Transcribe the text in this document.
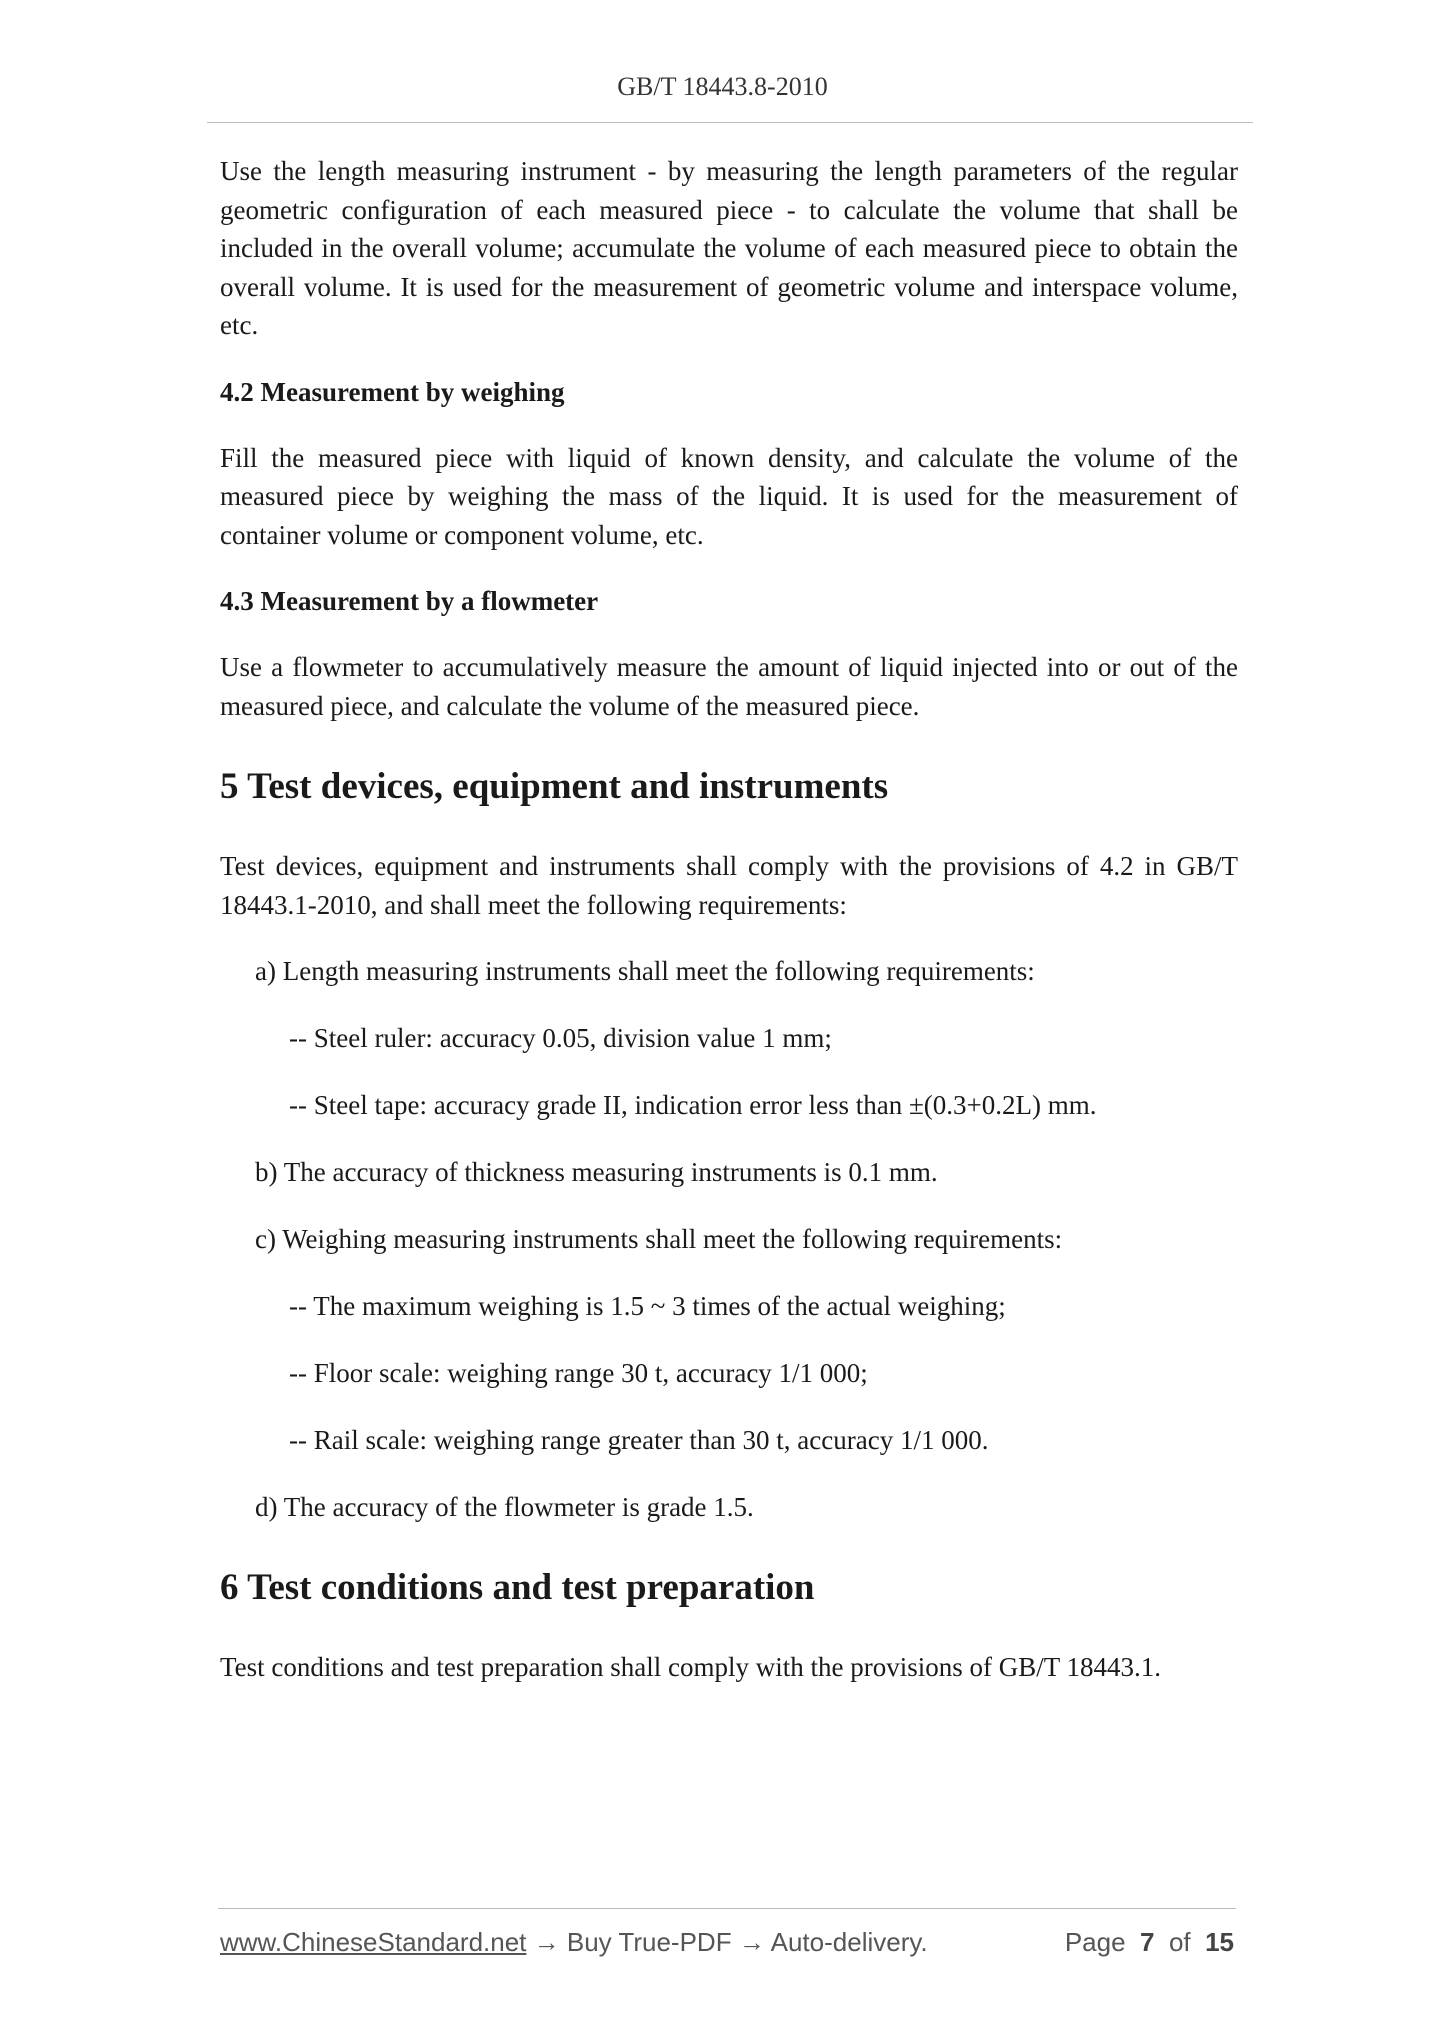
GB/T 18443.8-2010

Use the length measuring instrument - by measuring the length parameters of the regular geometric configuration of each measured piece - to calculate the volume that shall be included in the overall volume; accumulate the volume of each measured piece to obtain the overall volume. It is used for the measurement of geometric volume and interspace volume, etc.

4.2 Measurement by weighing

Fill the measured piece with liquid of known density, and calculate the volume of the measured piece by weighing the mass of the liquid. It is used for the measurement of container volume or component volume, etc.

4.3 Measurement by a flowmeter

Use a flowmeter to accumulatively measure the amount of liquid injected into or out of the measured piece, and calculate the volume of the measured piece.

5 Test devices, equipment and instruments

Test devices, equipment and instruments shall comply with the provisions of 4.2 in GB/T 18443.1-2010, and shall meet the following requirements:

a) Length measuring instruments shall meet the following requirements:

-- Steel ruler: accuracy 0.05, division value 1 mm;

-- Steel tape: accuracy grade II, indication error less than ±(0.3+0.2L) mm.

b) The accuracy of thickness measuring instruments is 0.1 mm.

c) Weighing measuring instruments shall meet the following requirements:

-- The maximum weighing is 1.5 ~ 3 times of the actual weighing;

-- Floor scale: weighing range 30 t, accuracy 1/1 000;

-- Rail scale: weighing range greater than 30 t, accuracy 1/1 000.

d) The accuracy of the flowmeter is grade 1.5.

6 Test conditions and test preparation

Test conditions and test preparation shall comply with the provisions of GB/T 18443.1.

www.ChineseStandard.net → Buy True-PDF → Auto-delivery.	Page 7 of 15
